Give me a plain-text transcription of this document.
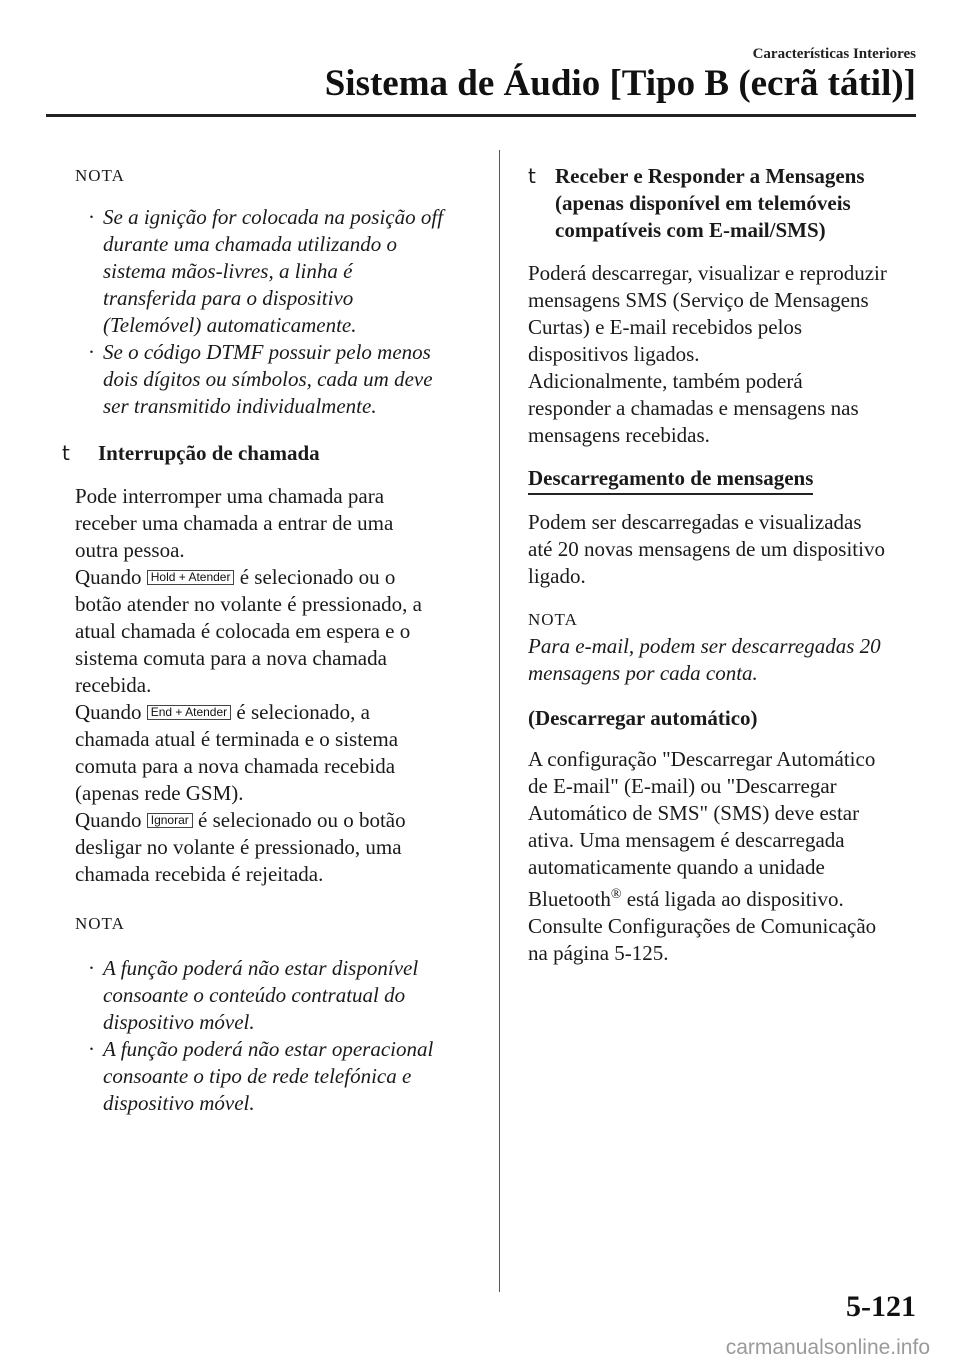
Características Interiores
Sistema de Áudio [Tipo B (ecrã tátil)]

NOTA

· Se a ignição for colocada na posição off
durante uma chamada utilizando o
sistema mãos-livres, a linha é
transferida para o dispositivo
(Telemóvel) automaticamente.
· Se o código DTMF possuir pelo menos
dois dígitos ou símbolos, cada um deve
ser transmitido individualmente.
t Interrupção de chamada
Pode interromper uma chamada para
receber uma chamada a entrar de uma
outra pessoa.
Quando Hold + Atender é selecionado ou o
botão atender no volante é pressionado, a
atual chamada é colocada em espera e o
sistema comuta para a nova chamada
recebida.
Quando End + Atender é selecionado, a
chamada atual é terminada e o sistema
comuta para a nova chamada recebida
(apenas rede GSM).
Quando Ignorar é selecionado ou o botão
desligar no volante é pressionado, uma
chamada recebida é rejeitada.

NOTA

· A função poderá não estar disponível
consoante o conteúdo contratual do
dispositivo móvel.
· A função poderá não estar operacional
consoante o tipo de rede telefónica e
dispositivo móvel.
t Receber e Responder a Mensagens
(apenas disponível em telemóveis
compatíveis com E-mail/SMS)
Poderá descarregar, visualizar e reproduzir
mensagens SMS (Serviço de Mensagens
Curtas) e E-mail recebidos pelos
dispositivos ligados.
Adicionalmente, também poderá
responder a chamadas e mensagens nas
mensagens recebidas.
Descarregamento de mensagens
Podem ser descarregadas e visualizadas
até 20 novas mensagens de um dispositivo
ligado.

NOTA

Para e-mail, podem ser descarregadas 20
mensagens por cada conta.
(Descarregar automático)
A configuração "Descarregar Automático
de E-mail" (E-mail) ou "Descarregar
Automático de SMS" (SMS) deve estar
ativa. Uma mensagem é descarregada
automaticamente quando a unidade
Bluetooth® está ligada ao dispositivo.
Consulte Configurações de Comunicação
na página 5-125.
5-121
carmanualsonline.info
